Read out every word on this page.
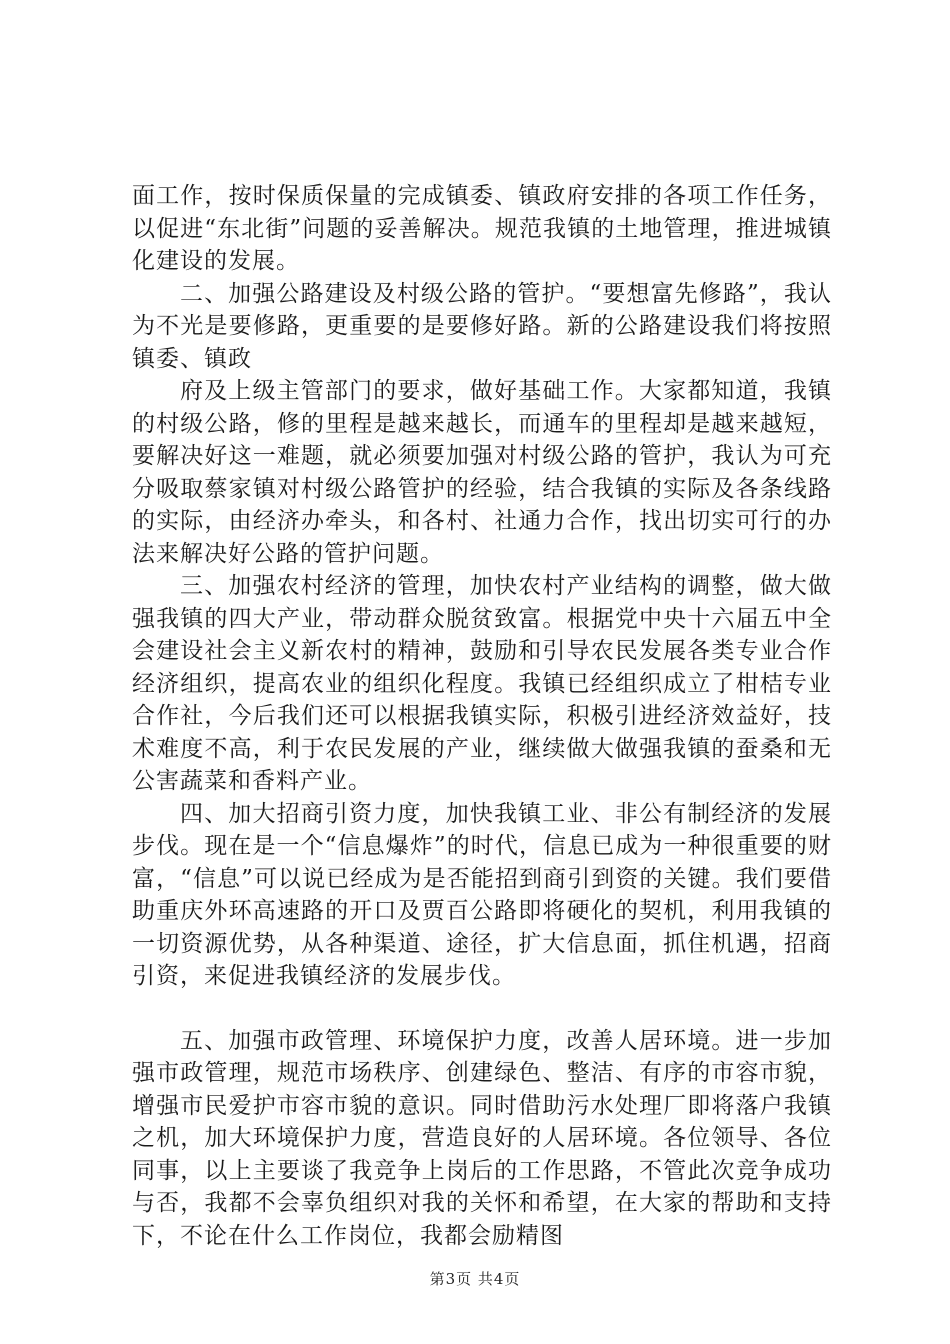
面工作，按时保质保量的完成镇委、镇政府安排的各项工作任务，以促进“东北街”问题的妥善解决。规范我镇的土地管理，推进城镇化建设的发展。

二、加强公路建设及村级公路的管护。“要想富先修路”，我认为不光是要修路，更重要的是要修好路。新的公路建设我们将按照镇委、镇政

府及上级主管部门的要求，做好基础工作。大家都知道，我镇的村级公路，修的里程是越来越长，而通车的里程却是越来越短，要解决好这一难题，就必须要加强对村级公路的管护，我认为可充分吸取蔡家镇对村级公路管护的经验，结合我镇的实际及各条线路的实际，由经济办牵头，和各村、社通力合作，找出切实可行的办法来解决好公路的管护问题。

三、加强农村经济的管理，加快农村产业结构的调整，做大做强我镇的四大产业，带动群众脱贫致富。根据党中央十六届五中全会建设社会主义新农村的精神，鼓励和引导农民发展各类专业合作经济组织，提高农业的组织化程度。我镇已经组织成立了柑桔专业合作社，今后我们还可以根据我镇实际，积极引进经济效益好，技术难度不高，利于农民发展的产业，继续做大做强我镇的蚕桑和无公害蔬菜和香料产业。

四、加大招商引资力度，加快我镇工业、非公有制经济的发展步伐。现在是一个“信息爆炸”的时代，信息已成为一种很重要的财富，“信息”可以说已经成为是否能招到商引到资的关键。我们要借助重庆外环高速路的开口及贾百公路即将硬化的契机，利用我镇的一切资源优势，从各种渠道、途径，扩大信息面，抓住机遇，招商引资，来促进我镇经济的发展步伐。

五、加强市政管理、环境保护力度，改善人居环境。进一步加强市政管理，规范市场秩序、创建绿色、整洁、有序的市容市貌，增强市民爱护市容市貌的意识。同时借助污水处理厂即将落户我镇之机，加大环境保护力度，营造良好的人居环境。各位领导、各位同事，以上主要谈了我竞争上岗后的工作思路，不管此次竞争成功与否，我都不会辜负组织对我的关怀和希望，在大家的帮助和支持下，不论在什么工作岗位，我都会励精图

第3页 共4页
